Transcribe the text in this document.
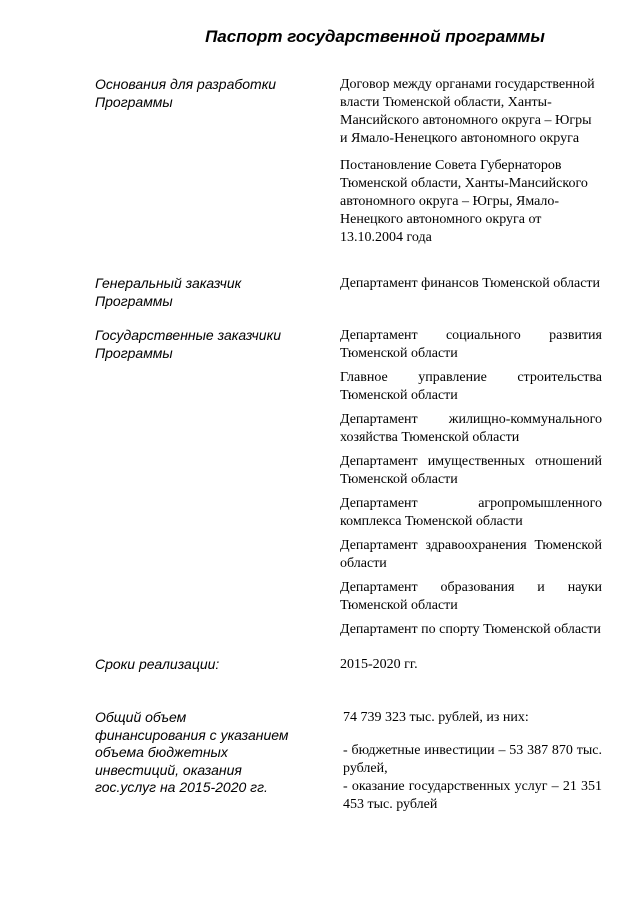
Паспорт государственной программы
Основания для разработки Программы

Договор между органами государственной власти Тюменской области, Ханты-Мансийского автономного округа – Югры и Ямало-Ненецкого автономного округа

Постановление Совета Губернаторов Тюменской области, Ханты-Мансийского автономного округа – Югры, Ямало-Ненецкого автономного округа от 13.10.2004 года

Генеральный заказчик Программы

Департамент финансов Тюменской области

Государственные заказчики Программы

Департамент социального развития Тюменской области

Главное управление строительства Тюменской области

Департамент жилищно-коммунального хозяйства Тюменской области

Департамент имущественных отношений Тюменской области

Департамент агропромышленного комплекса Тюменской области

Департамент здравоохранения Тюменской области

Департамент образования и науки Тюменской области

Департамент по спорту Тюменской области

Сроки реализации:	2015-2020 гг.

Общий объем финансирования с указанием объема бюджетных инвестиций, оказания гос.услуг на 2015-2020 гг.

74 739 323 тыс. рублей, из них:

- бюджетные инвестиции – 53 387 870 тыс. рублей,

- оказание государственных услуг – 21 351 453 тыс. рублей
